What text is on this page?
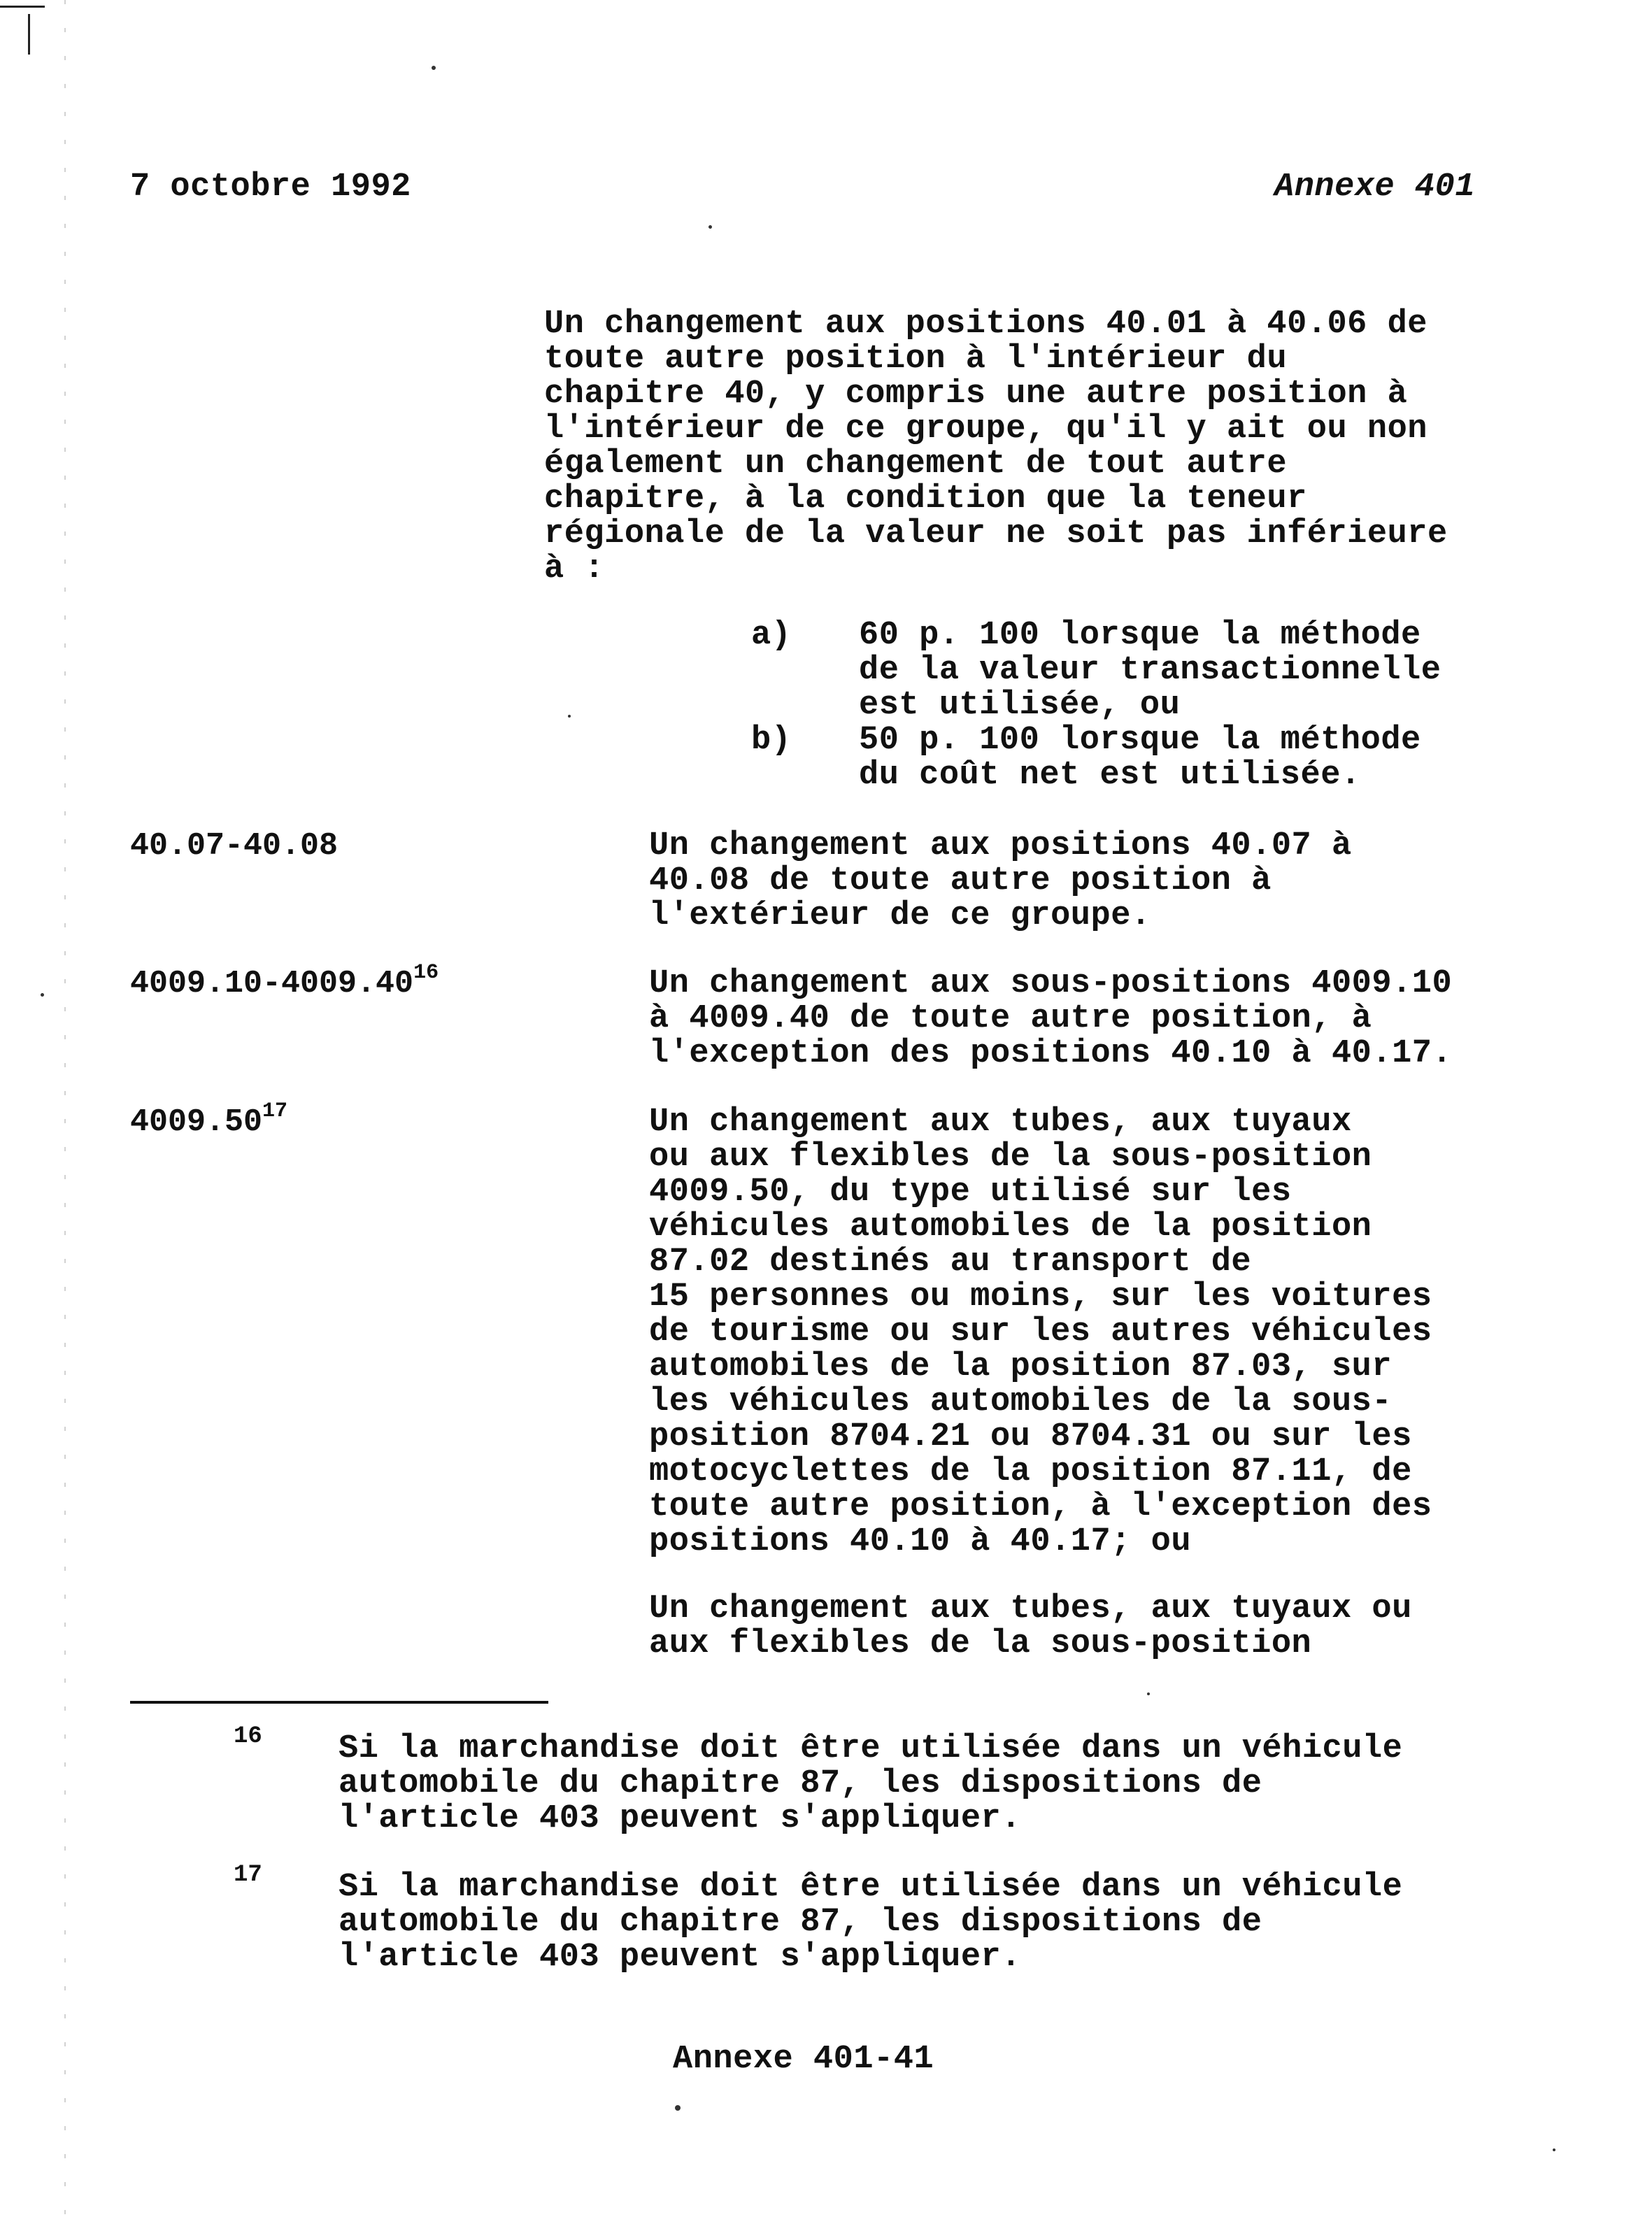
7 octobre 1992	Annexe 401
Un changement aux positions 40.01 à 40.06 de
toute autre position à l'intérieur du
chapitre 40, y compris une autre position à
l'intérieur de ce groupe, qu'il y ait ou non
également un changement de tout autre
chapitre, à la condition que la teneur
régionale de la valeur ne soit pas inférieure
à :
a) 60 p. 100 lorsque la méthode
de la valeur transactionnelle
est utilisée, ou
b) 50 p. 100 lorsque la méthode
du coût net est utilisée.
40.07-40.08	Un changement aux positions 40.07 à
40.08 de toute autre position à
l'extérieur de ce groupe.
4009.10-4009.40$^{16}$	Un changement aux sous-positions 4009.10
à 4009.40 de toute autre position, à
l'exception des positions 40.10 à 40.17.
4009.50$^{17}$	Un changement aux tubes, aux tuyaux
ou aux flexibles de la sous-position
4009.50, du type utilisé sur les
véhicules automobiles de la position
87.02 destinés au transport de
15 personnes ou moins, sur les voitures
de tourisme ou sur les autres véhicules
automobiles de la position 87.03, sur
les véhicules automobiles de la sous-
position 8704.21 ou 8704.31 ou sur les
motocyclettes de la position 87.11, de
toute autre position, à l'exception des
positions 40.10 à 40.17; ou
Un changement aux tubes, aux tuyaux ou
aux flexibles de la sous-position
16 Si la marchandise doit être utilisée dans un véhicule
automobile du chapitre 87, les dispositions de
l'article 403 peuvent s'appliquer.
17 Si la marchandise doit être utilisée dans un véhicule
automobile du chapitre 87, les dispositions de
l'article 403 peuvent s'appliquer.
Annexe 401-41
